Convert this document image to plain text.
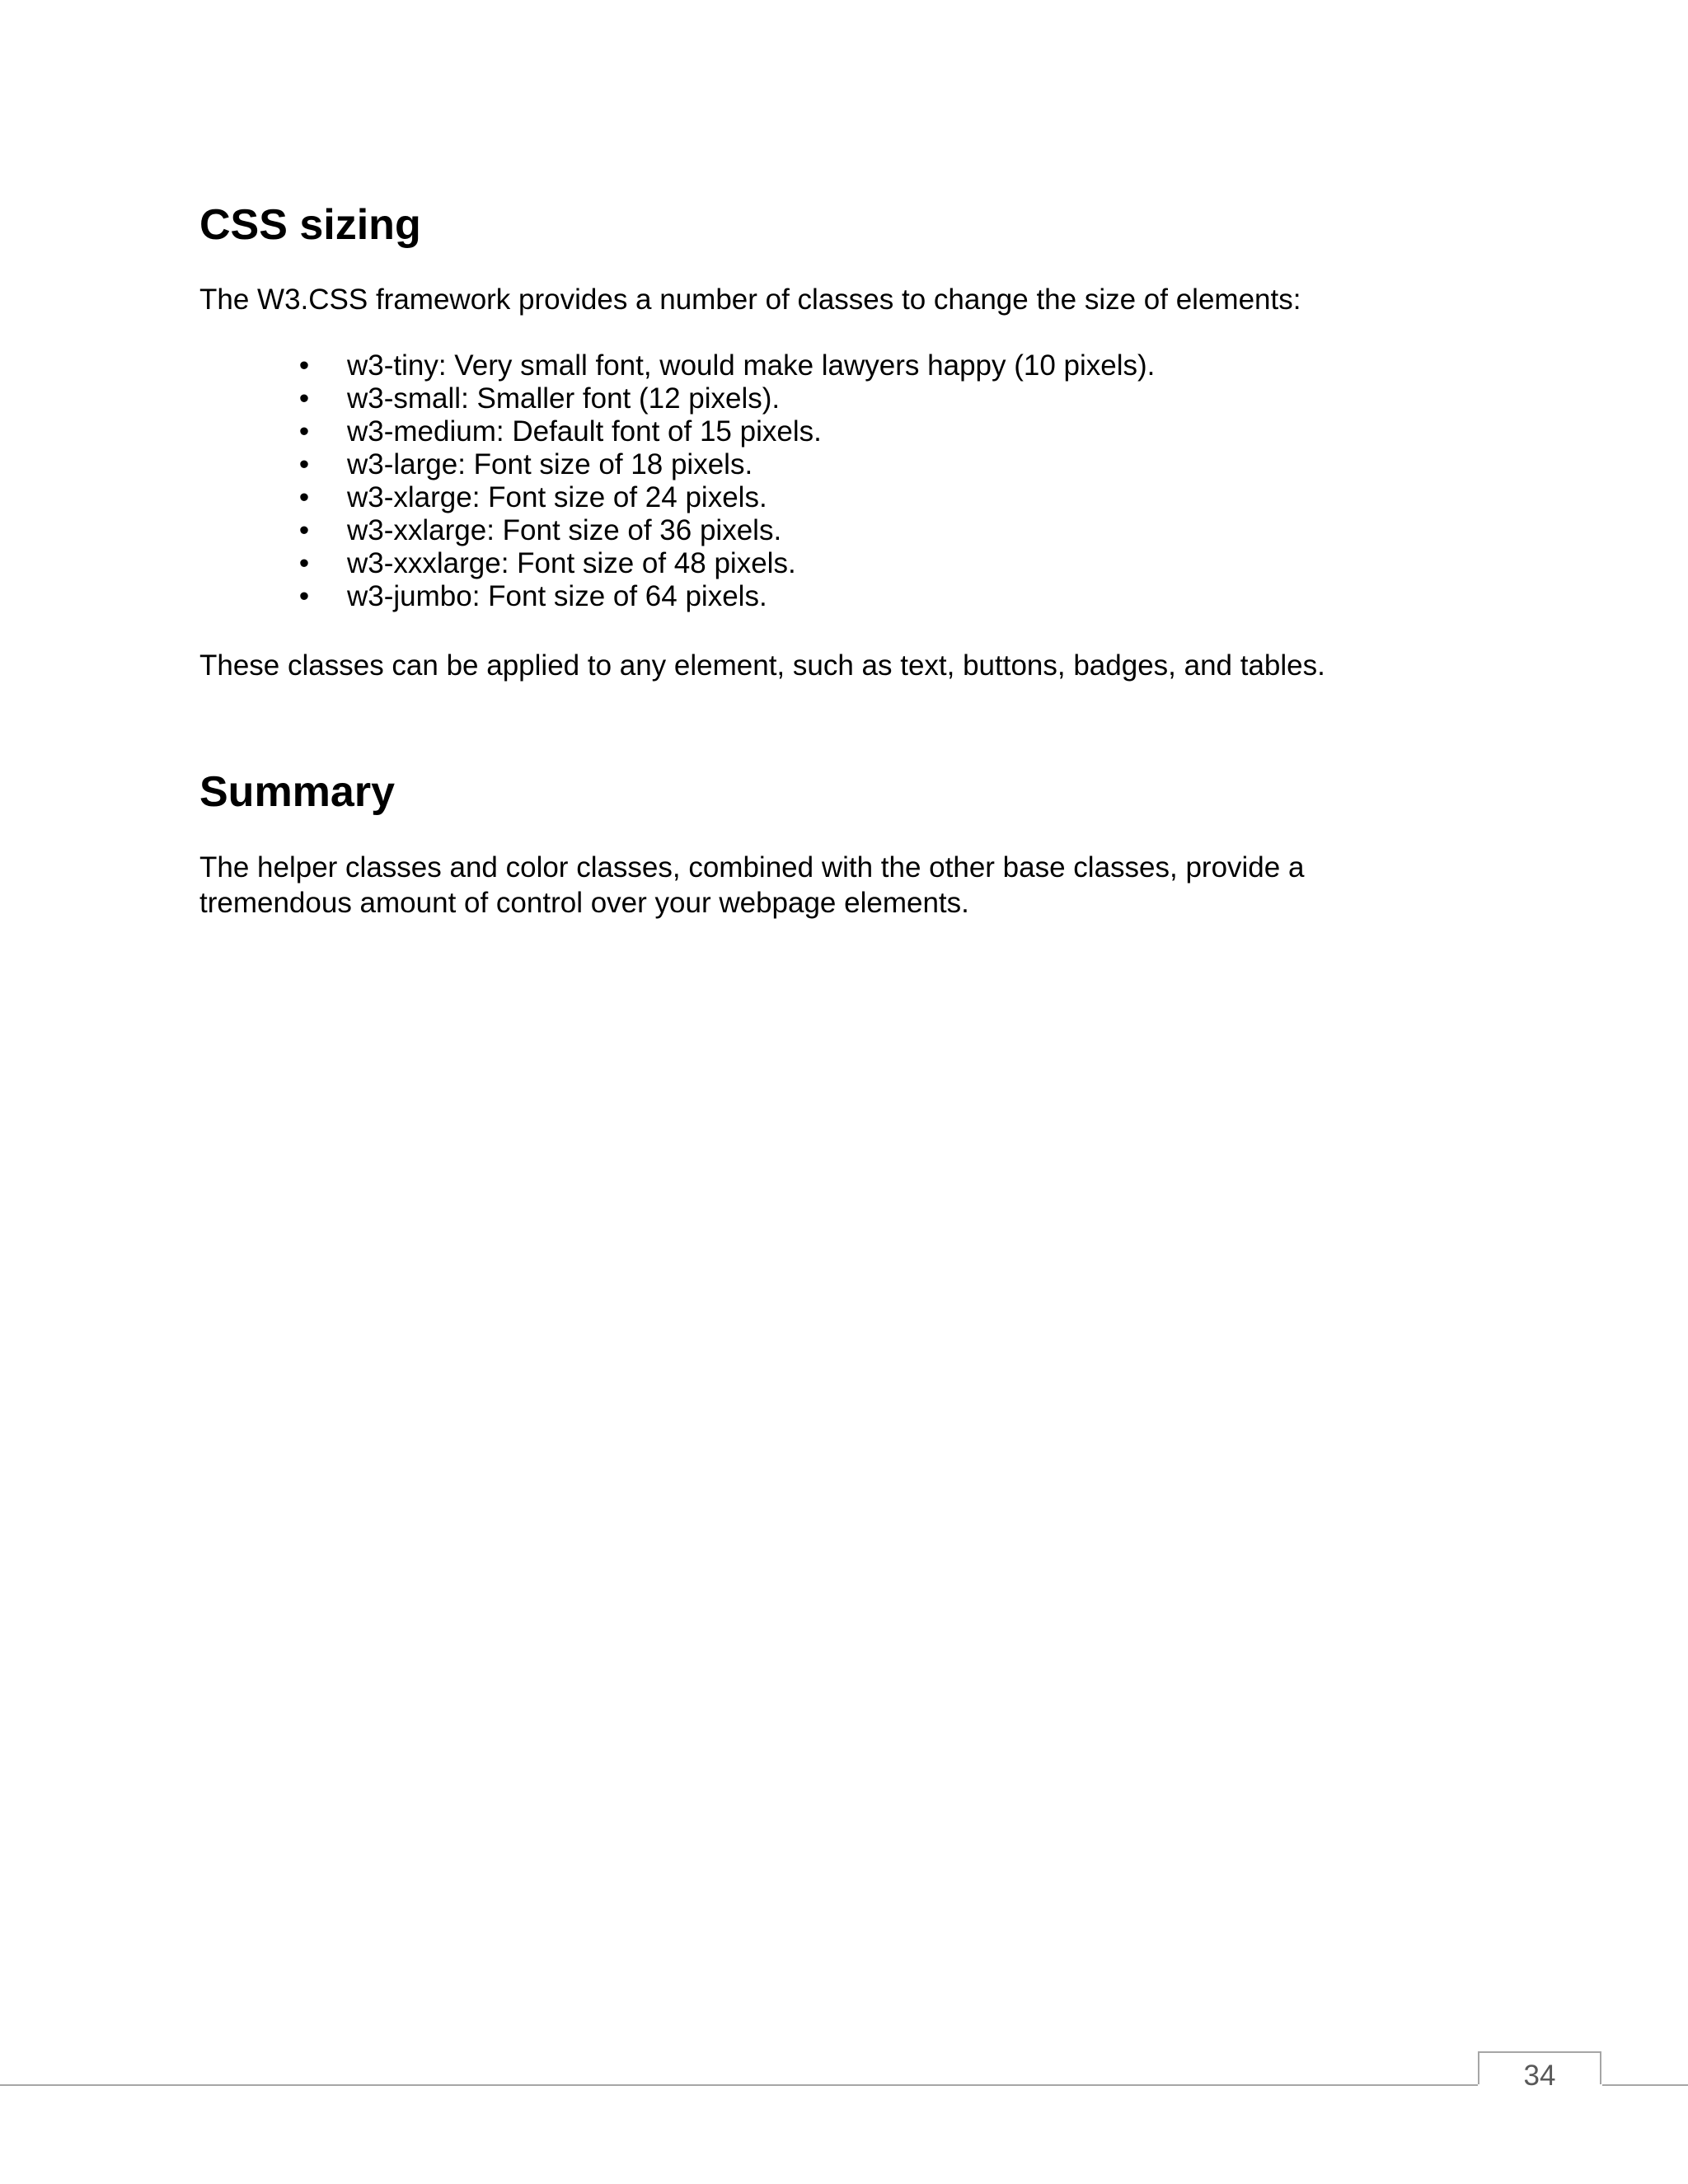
CSS sizing

The W3.CSS framework provides a number of classes to change the size of elements:

• w3-tiny: Very small font, would make lawyers happy (10 pixels).
• w3-small: Smaller font (12 pixels).
• w3-medium: Default font of 15 pixels.
• w3-large: Font size of 18 pixels.
• w3-xlarge: Font size of 24 pixels.
• w3-xxlarge: Font size of 36 pixels.
• w3-xxxlarge: Font size of 48 pixels.
• w3-jumbo: Font size of 64 pixels.

These classes can be applied to any element, such as text, buttons, badges, and tables.

Summary

The helper classes and color classes, combined with the other base classes, provide a

tremendous amount of control over your webpage elements.

34
